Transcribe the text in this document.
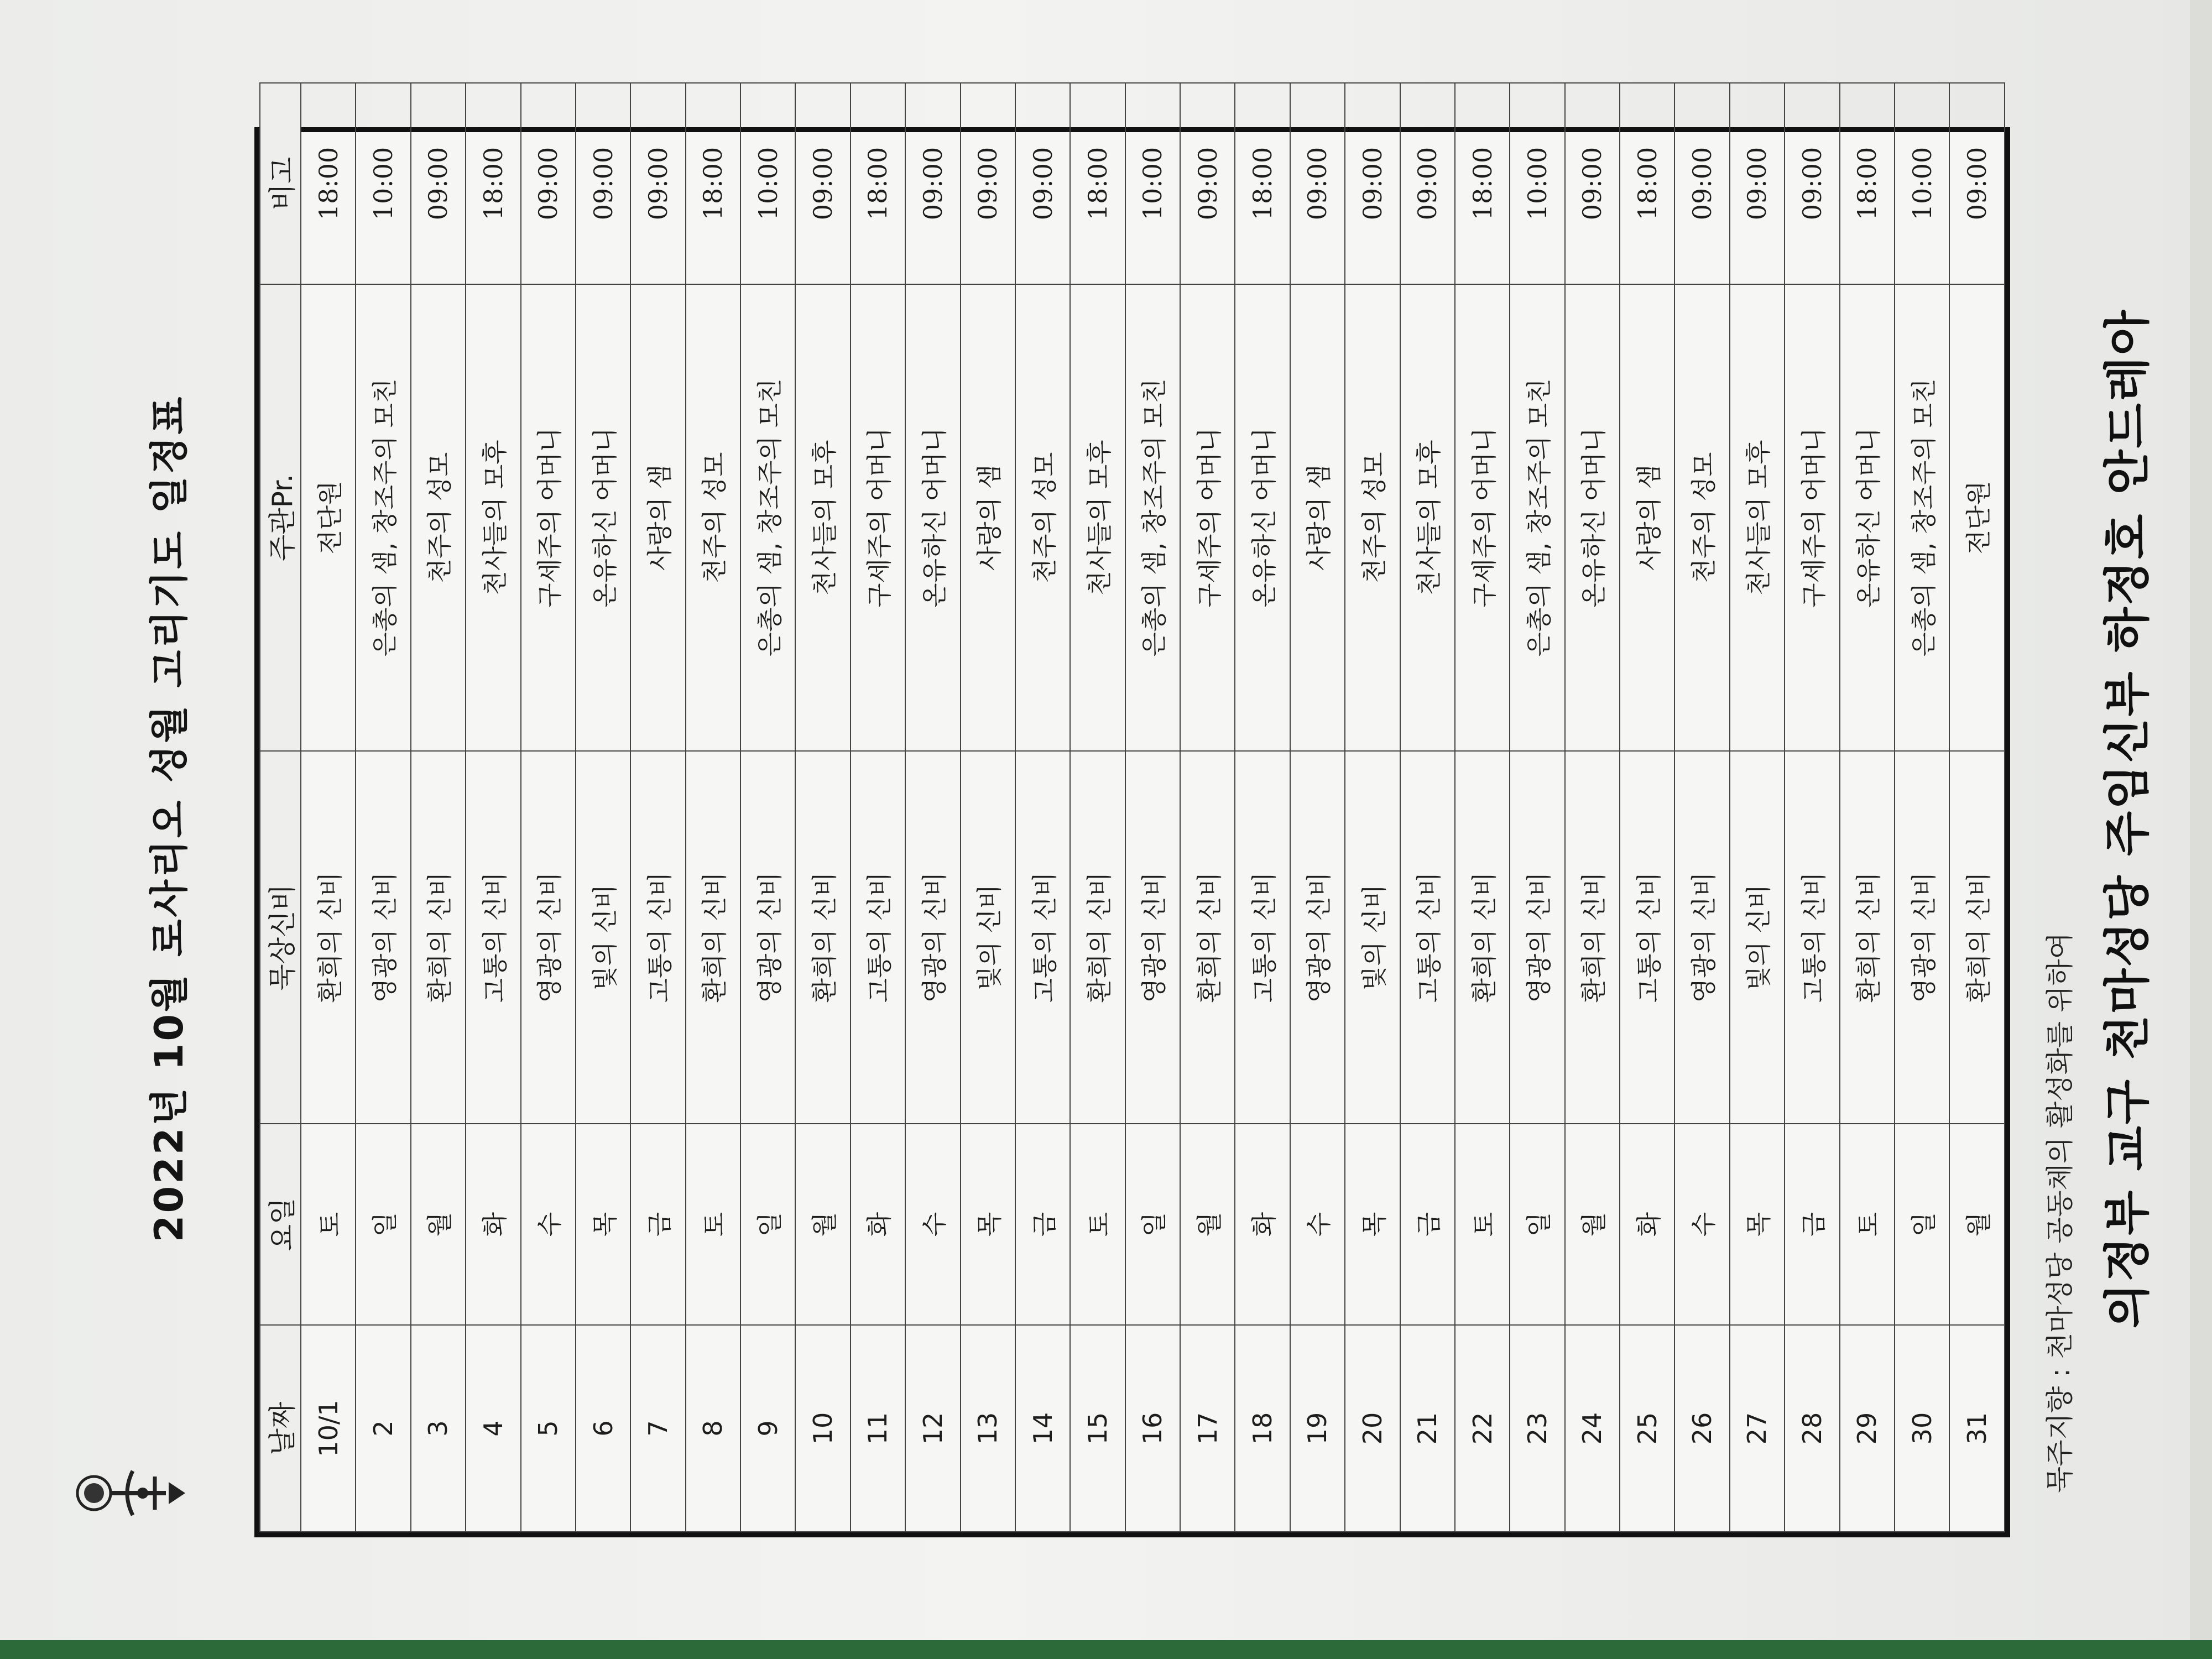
2022년 10월 로사리오 성월 고리기도 일정표
날짜	요일	묵상신비	주관Pr.	비고
10/1	토	환희의 신비	전단원	18:00
2	일	영광의 신비	은총의 샘, 창조주의 모친	10:00
3	월	환희의 신비	천주의 성모	09:00
4	화	고통의 신비	천사들의 모후	18:00
5	수	영광의 신비	구세주의 어머니	09:00
6	목	빛의 신비	온유하신 어머니	09:00
7	금	고통의 신비	사랑의 샘	09:00
8	토	환희의 신비	천주의 성모	18:00
9	일	영광의 신비	은총의 샘, 창조주의 모친	10:00
10	월	환희의 신비	천사들의 모후	09:00
11	화	고통의 신비	구세주의 어머니	18:00
12	수	영광의 신비	온유하신 어머니	09:00
13	목	빛의 신비	사랑의 샘	09:00
14	금	고통의 신비	천주의 성모	09:00
15	토	환희의 신비	천사들의 모후	18:00
16	일	영광의 신비	은총의 샘, 창조주의 모친	10:00
17	월	환희의 신비	구세주의 어머니	09:00
18	화	고통의 신비	온유하신 어머니	18:00
19	수	영광의 신비	사랑의 샘	09:00
20	목	빛의 신비	천주의 성모	09:00
21	금	고통의 신비	천사들의 모후	09:00
22	토	환희의 신비	구세주의 어머니	18:00
23	일	영광의 신비	은총의 샘, 창조주의 모친	10:00
24	월	환희의 신비	온유하신 어머니	09:00
25	화	고통의 신비	사랑의 샘	18:00
26	수	영광의 신비	천주의 성모	09:00
27	목	빛의 신비	천사들의 모후	09:00
28	금	고통의 신비	구세주의 어머니	09:00
29	토	환희의 신비	온유하신 어머니	18:00
30	일	영광의 신비	은총의 샘, 창조주의 모친	10:00
31	월	환희의 신비	전단원	09:00
묵주지향 : 천마성당 공동체의 활성화를 위하여 의정부 교구 천마성당 주임신부 하정호 안드레아
